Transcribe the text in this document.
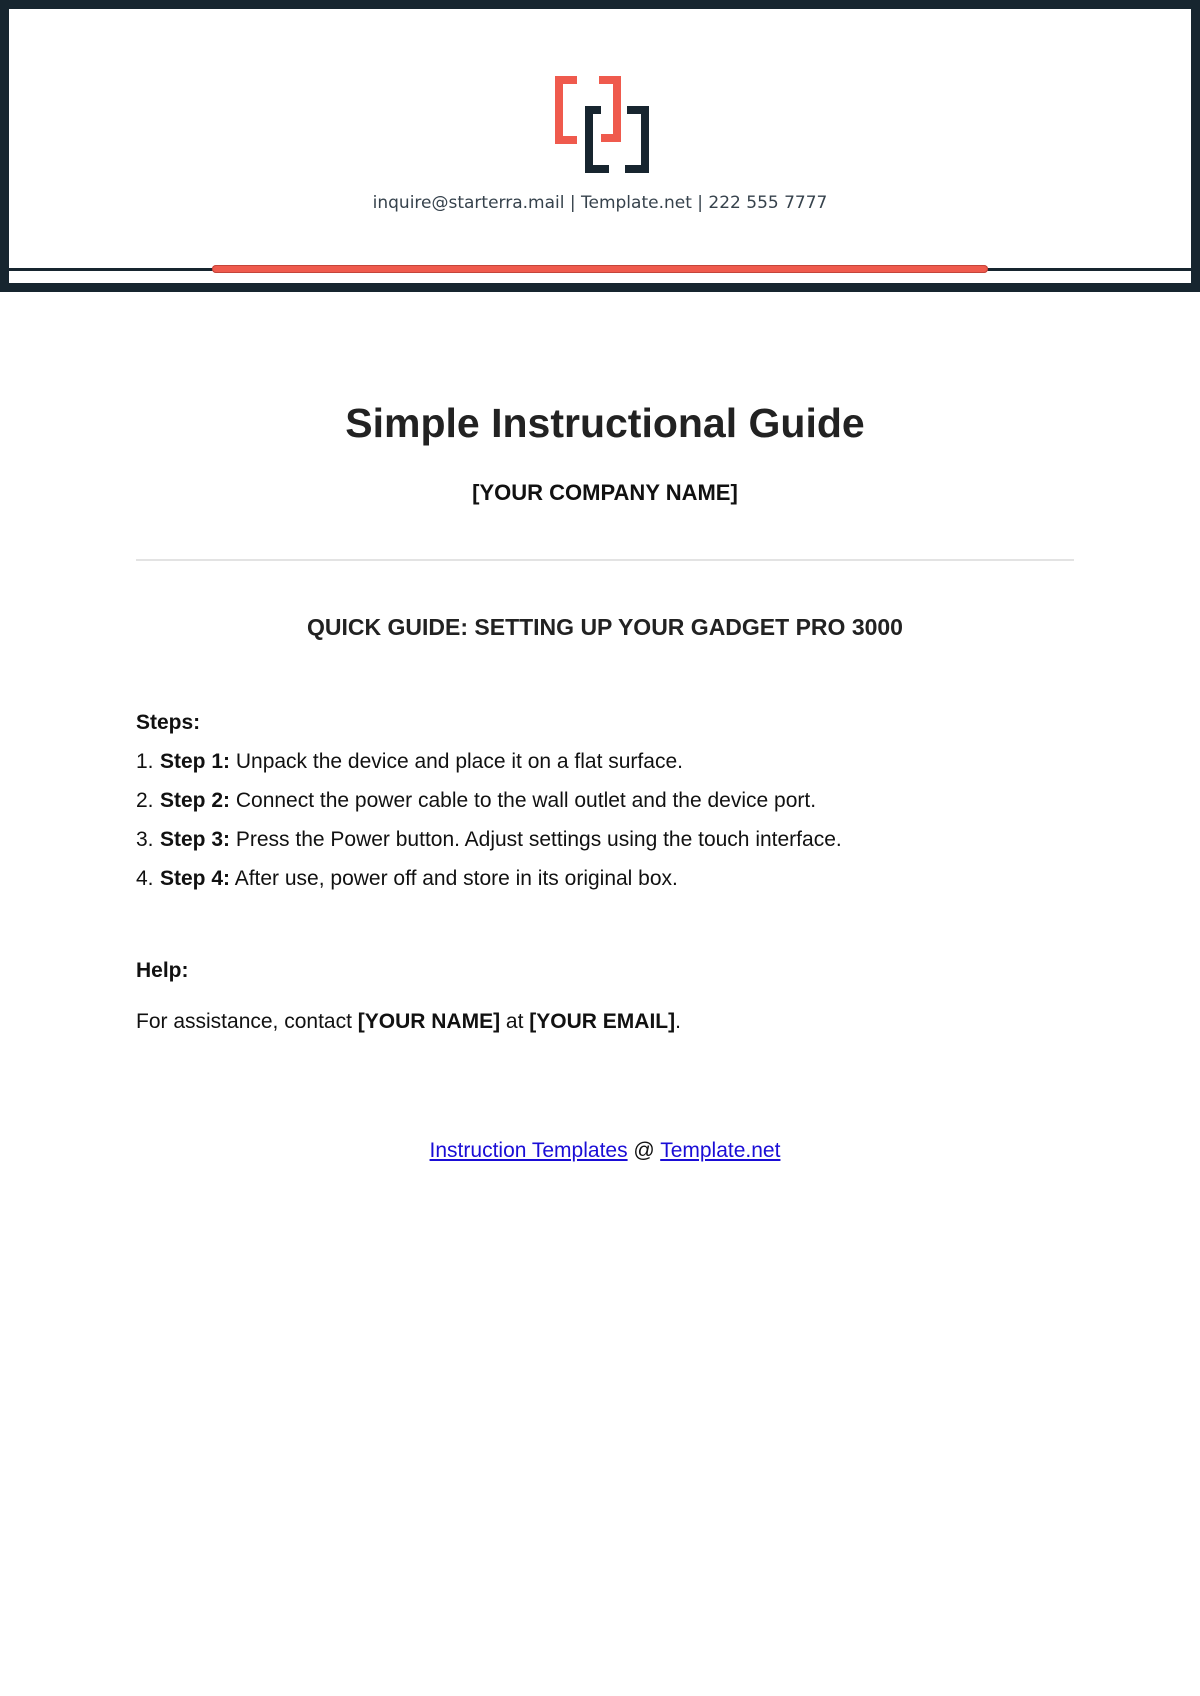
inquire@starterra.mail | Template.net | 222 555 7777
Simple Instructional Guide
[YOUR COMPANY NAME]
QUICK GUIDE: SETTING UP YOUR GADGET PRO 3000
Steps:
1. Step 1: Unpack the device and place it on a flat surface.
2. Step 2: Connect the power cable to the wall outlet and the device port.
3. Step 3: Press the Power button. Adjust settings using the touch interface.
4. Step 4: After use, power off and store in its original box.
Help:
For assistance, contact [YOUR NAME] at [YOUR EMAIL].
Instruction Templates @ Template.net
